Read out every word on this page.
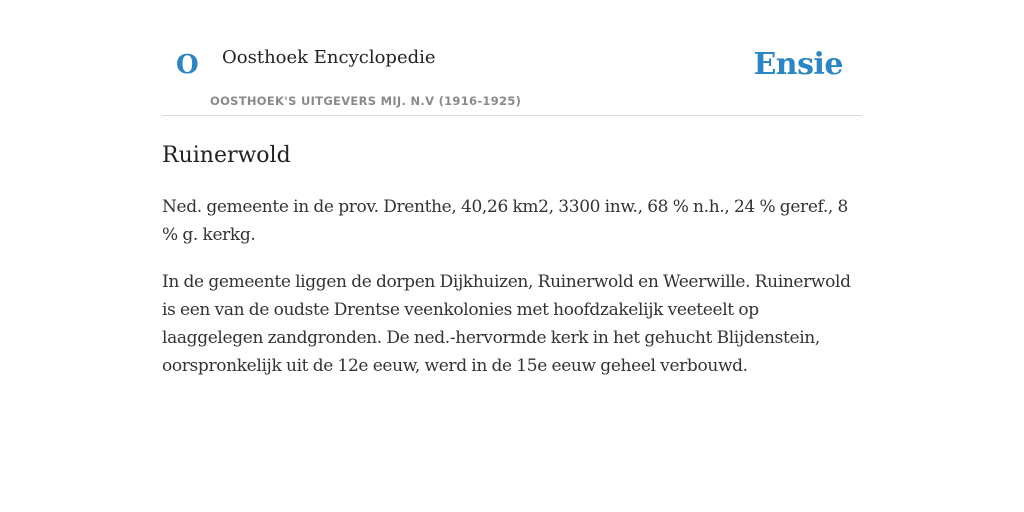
O Oosthoek Encyclopedie
OOSTHOEK'S UITGEVERS MIJ. N.V (1916-1925)
Ensie
Ruinerwold

Ned. gemeente in de prov. Drenthe, 40,26 km2, 3300 inw., 68 % n.h., 24 % geref., 8 % g. kerkg.

In de gemeente liggen de dorpen Dijkhuizen, Ruinerwold en Weerwille. Ruinerwold is een van de oudste Drentse veenkolonies met hoofdzakelijk veeteelt op laaggelegen zandgronden. De ned.-hervormde kerk in het gehucht Blijdenstein, oorspronkelijk uit de 12e eeuw, werd in de 15e eeuw geheel verbouwd.
